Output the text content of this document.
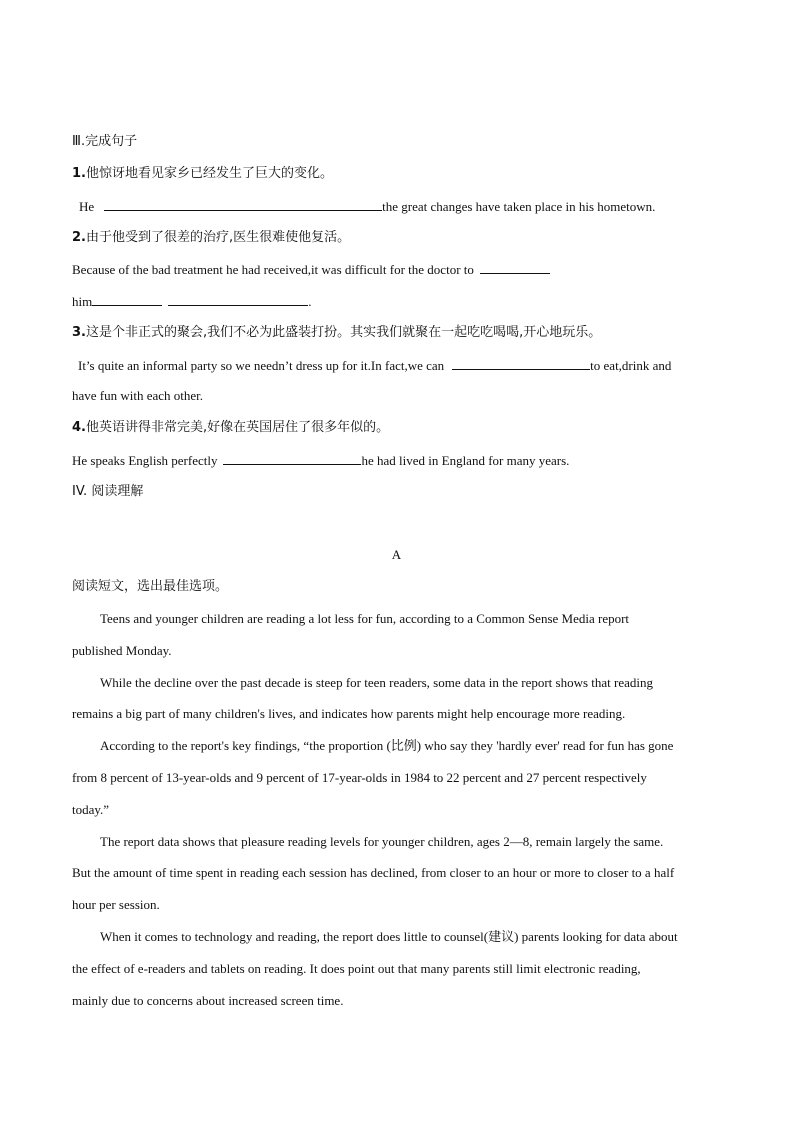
Ⅲ.完成句子
1.他惊讶地看见家乡已经发生了巨大的变化。
He	the great changes have taken place in his hometown.
2.由于他受到了很差的治疗,医生很难使他复活。
Because of the bad treatment he had received,it was difficult for the doctor to
him	.
3.这是个非正式的聚会,我们不必为此盛装打扮。其实我们就聚在一起吃吃喝喝,开心地玩乐。
It’s quite an informal party so we needn’t dress up for it.In fact,we can	to eat,drink and
have fun with each other.
4.他英语讲得非常完美,好像在英国居住了很多年似的。
He speaks English perfectly	he had lived in England for many years.
IV. 阅读理解
A
阅读短文，选出最佳选项。
Teens and younger children are reading a lot less for fun, according to a Common Sense Media report
published Monday.
While the decline over the past decade is steep for teen readers, some data in the report shows that reading
remains a big part of many children's lives, and indicates how parents might help encourage more reading.
According to the report's key findings, “the proportion (比例) who say they 'hardly ever' read for fun has gone
from 8 percent of 13-year-olds and 9 percent of 17-year-olds in 1984 to 22 percent and 27 percent respectively
today.”
The report data shows that pleasure reading levels for younger children, ages 2—8, remain largely the same.
But the amount of time spent in reading each session has declined, from closer to an hour or more to closer to a half
hour per session.
When it comes to technology and reading, the report does little to counsel(建议) parents looking for data about
the effect of e-readers and tablets on reading. It does point out that many parents still limit electronic reading,
mainly due to concerns about increased screen time.
